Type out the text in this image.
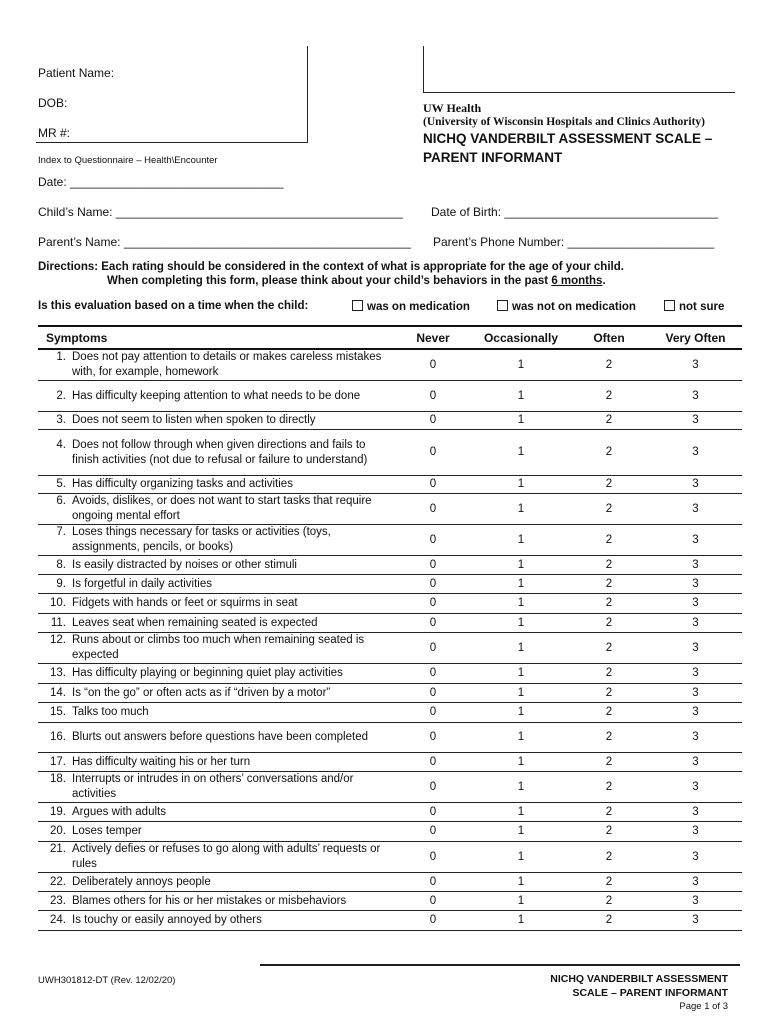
Patient Name:
DOB:
MR #:
Index to Questionnaire – Health\Encounter
UW Health
(University of Wisconsin Hospitals and Clinics Authority)
NICHQ VANDERBILT ASSESSMENT SCALE –
PARENT INFORMANT
Date: ________________________________
Child’s Name: ___________________________________________ Date of Birth: ________________________________
Parent’s Name: ___________________________________________ Parent’s Phone Number: ______________________
Directions: Each rating should be considered in the context of what is appropriate for the age of your child.
When completing this form, please think about your child’s behaviors in the past 6 months.
Is this evaluation based on a time when the child:	was on medication	was not on medication	not sure
Symptoms	Never	Occasionally	Often	Very Often

1. Does not pay attention to details or makes careless mistakes with, for example, homework	0	1	2	3

2. Has difficulty keeping attention to what needs to be done	0	1	2	3

3. Does not seem to listen when spoken to directly	0	1	2	3

4. Does not follow through when given directions and fails to finish activities (not due to refusal or failure to understand)	0	1	2	3

5. Has difficulty organizing tasks and activities	0	1	2	3

6. Avoids, dislikes, or does not want to start tasks that require ongoing mental effort	0	1	2	3

7. Loses things necessary for tasks or activities (toys, assignments, pencils, or books)	0	1	2	3

8. Is easily distracted by noises or other stimuli	0	1	2	3

9. Is forgetful in daily activities	0	1	2	3

10. Fidgets with hands or feet or squirms in seat	0	1	2	3

11. Leaves seat when remaining seated is expected	0	1	2	3

12. Runs about or climbs too much when remaining seated is expected	0	1	2	3

13. Has difficulty playing or beginning quiet play activities	0	1	2	3

14. Is “on the go” or often acts as if “driven by a motor”	0	1	2	3

15. Talks too much	0	1	2	3

16. Blurts out answers before questions have been completed	0	1	2	3

17. Has difficulty waiting his or her turn	0	1	2	3

18. Interrupts or intrudes in on others’ conversations and/or activities	0	1	2	3

19. Argues with adults	0	1	2	3

20. Loses temper	0	1	2	3

21. Actively defies or refuses to go along with adults’ requests or rules	0	1	2	3

22. Deliberately annoys people	0	1	2	3

23. Blames others for his or her mistakes or misbehaviors	0	1	2	3

24. Is touchy or easily annoyed by others	0	1	2	3
UWH301812-DT (Rev. 12/02/20)	NICHQ VANDERBILT ASSESSMENT
SCALE – PARENT INFORMANT
Page 1 of 3
